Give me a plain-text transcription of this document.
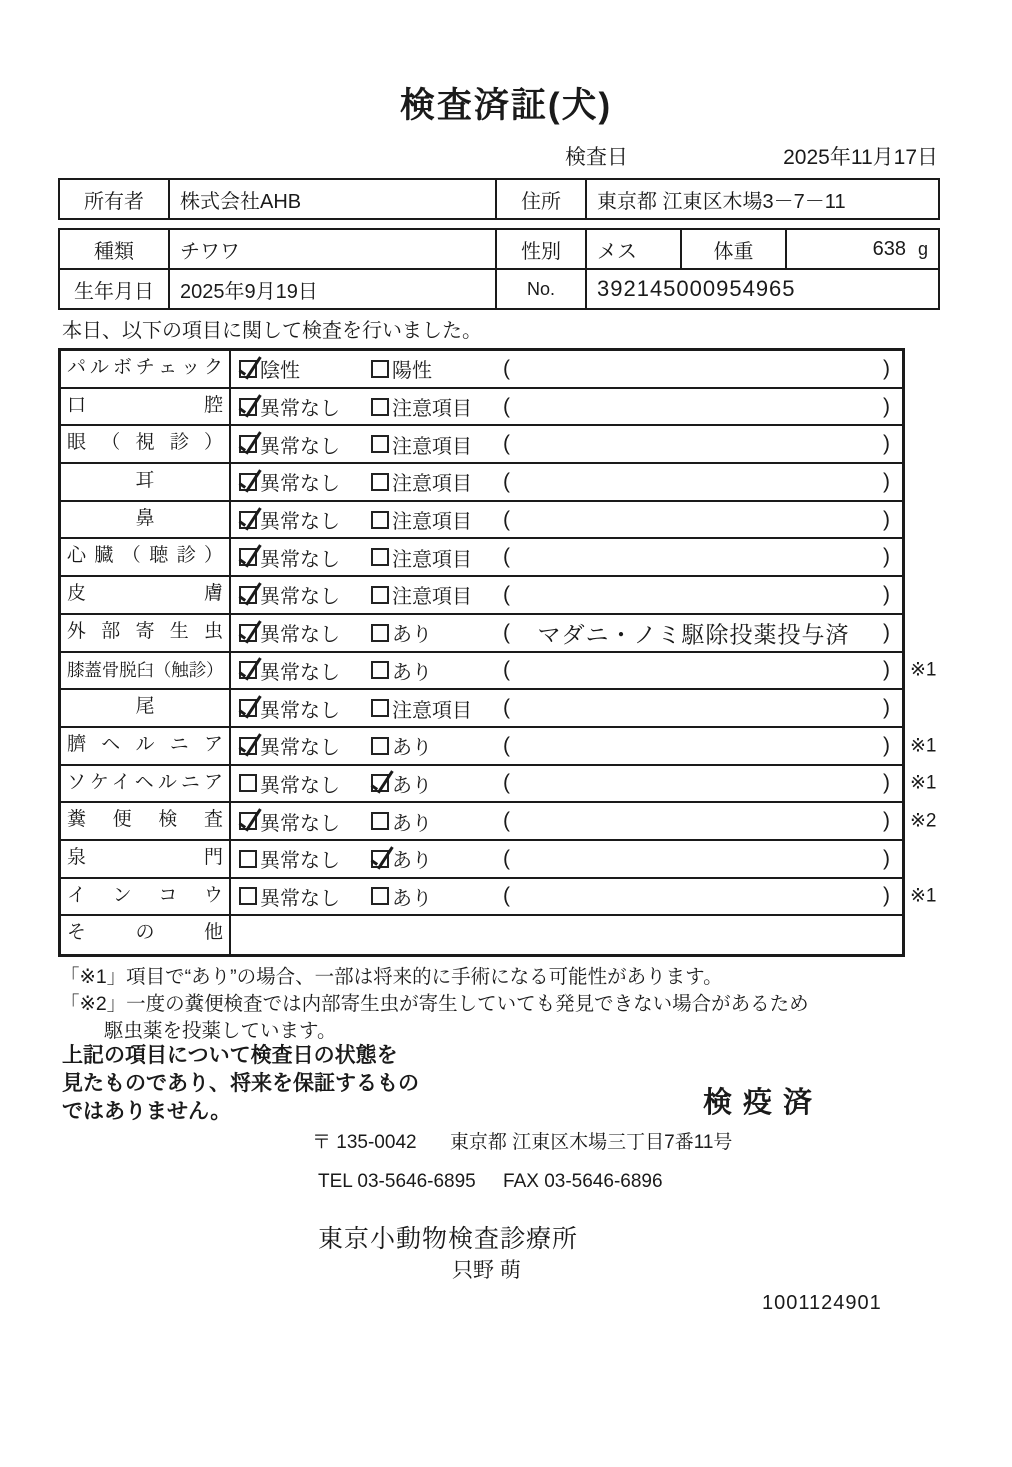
検査済証(犬)
検査日	2025年11月17日
所有者	株式会社AHB	住所	東京都 江東区木場3－7－11
種類	チワワ	性別	メス	体重	638 g
生年月日	2025年9月19日	No.	392145000954965
本日、以下の項目に関して検査を行いました。
パルボチェック	陰性	陽性	(	)
口腔	異常なし	注意項目 (	)
眼（視診）	異常なし	注意項目 (	)
耳	異常なし	注意項目 (	)
鼻	異常なし	注意項目 (	)
心臓（聴診）	異常なし	注意項目 (	)
皮膚	異常なし	注意項目 (	)
外部寄生虫	異常なし	あり	(	マダニ・ノミ駆除投薬投与済	)
膝蓋骨脱臼（触診）	異常なし	あり	(	)	※1
尾	異常なし	注意項目 (	)
臍ヘルニア	異常なし	あり	(	)	※1
ソケイヘルニア	異常なし	あり	(	)	※1
糞便検査	異常なし	あり	(	)	※2
泉門	異常なし	あり	(	)
インコウ	異常なし	あり	(	)	※1
その他
「※1」項目で“あり”の場合、一部は将来的に手術になる可能性があります。
「※2」一度の糞便検査では内部寄生虫が寄生していても発見できない場合があるため
駆虫薬を投薬しています。
上記の項目について検査日の状態を
見たものであり、将来を保証するもの
ではありません。	検疫済
〒 135-0042 東京都 江東区木場三丁目7番11号
TEL 03-5646-6895 FAX 03-5646-6896
東京小動物検査診療所
只野 萌
1001124901
